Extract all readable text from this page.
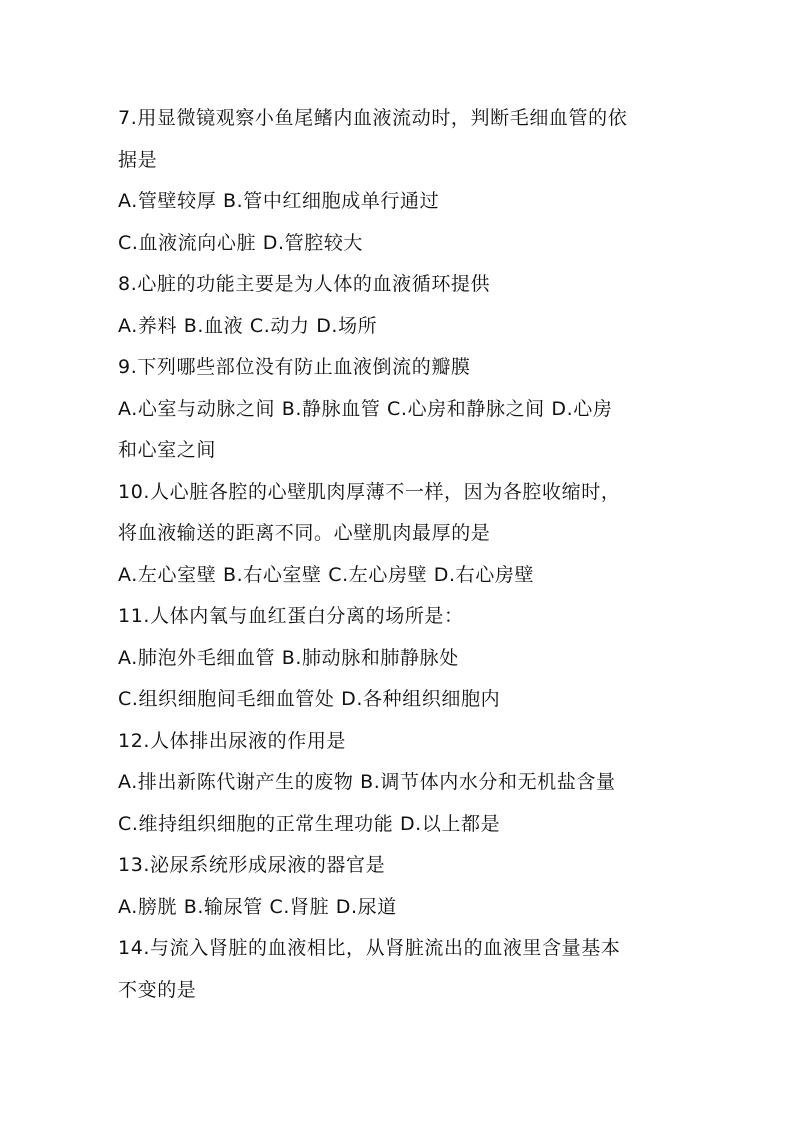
7.用显微镜观察小鱼尾鳍内血液流动时，判断毛细血管的依
据是
A.管壁较厚 B.管中红细胞成单行通过
C.血液流向心脏 D.管腔较大
8.心脏的功能主要是为人体的血液循环提供
A.养料 B.血液 C.动力 D.场所
9.下列哪些部位没有防止血液倒流的瓣膜
A.心室与动脉之间 B.静脉血管 C.心房和静脉之间 D.心房
和心室之间
10.人心脏各腔的心壁肌肉厚薄不一样，因为各腔收缩时，
将血液输送的距离不同。心壁肌肉最厚的是
A.左心室壁 B.右心室壁 C.左心房壁 D.右心房壁
11.人体内氧与血红蛋白分离的场所是：
A.肺泡外毛细血管 B.肺动脉和肺静脉处
C.组织细胞间毛细血管处 D.各种组织细胞内
12.人体排出尿液的作用是
A.排出新陈代谢产生的废物 B.调节体内水分和无机盐含量
C.维持组织细胞的正常生理功能 D.以上都是
13.泌尿系统形成尿液的器官是
A.膀胱 B.输尿管 C.肾脏 D.尿道
14.与流入肾脏的血液相比，从肾脏流出的血液里含量基本
不变的是
